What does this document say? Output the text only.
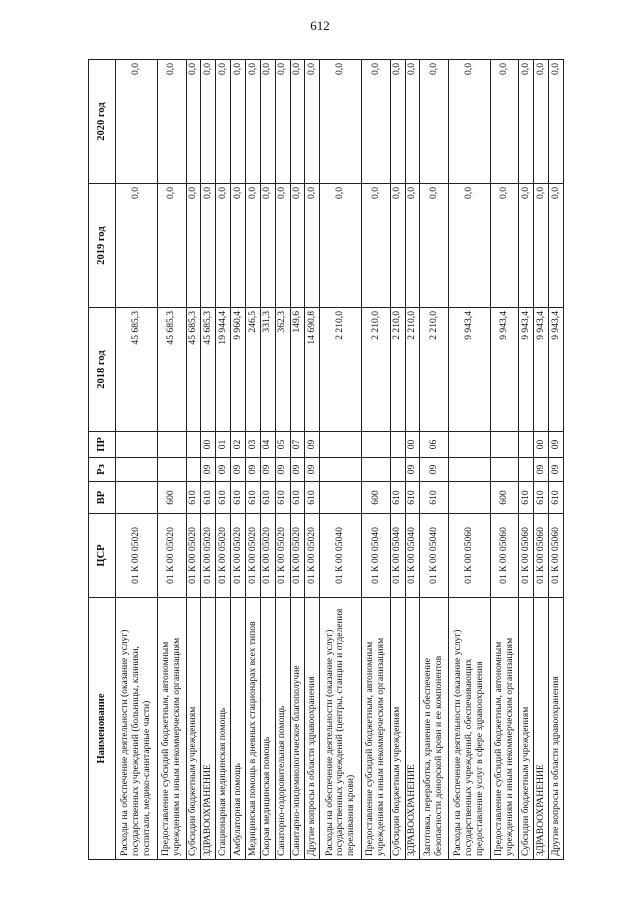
612
Наименование	ЦСР	ВР	Рз	ПР	2018 год	2019 год	2020 год
Расходы на обеспечение деятельности (оказание услуг) государственных учреждений (больницы, клиники, госпитали, медико-санитарные части)	01 К 00 05020				45 685,3	0,0	0,0
Предоставление субсидий бюджетным, автономным учреждениям и иным некоммерческим организациям	01 К 00 05020	600			45 685,3	0,0	0,0
Субсидии бюджетным учреждениям	01 К 00 05020	610			45 685,3	0,0	0,0
ЗДРАВООХРАНЕНИЕ	01 К 00 05020	610	09	00	45 685,3	0,0	0,0
Стационарная медицинская помощь	01 К 00 05020	610	09	01	19 944,4	0,0	0,0
Амбулаторная помощь	01 К 00 05020	610	09	02	9 960,4	0,0	0,0
Медицинская помощь в дневных стационарах всех типов	01 К 00 05020	610	09	03	246,5	0,0	0,0
Скорая медицинская помощь	01 К 00 05020	610	09	04	331,3	0,0	0,0
Санаторно-оздоровительная помощь	01 К 00 05020	610	09	05	362,3	0,0	0,0
Санитарно-эпидемиологическое благополучие	01 К 00 05020	610	09	07	149,6	0,0	0,0
Другие вопросы в области здравоохранения	01 К 00 05020	610	09	09	14 690,8	0,0	0,0
Расходы на обеспечение деятельности (оказание услуг) государственных учреждений (центры, станции и отделения переливания крови)	01 К 00 05040				2 210,0	0,0	0,0
Предоставление субсидий бюджетным, автономным учреждениям и иным некоммерческим организациям	01 К 00 05040	600			2 210,0	0,0	0,0
Субсидии бюджетным учреждениям	01 К 00 05040	610			2 210,0	0,0	0,0
ЗДРАВООХРАНЕНИЕ	01 К 00 05040	610	09	00	2 210,0	0,0	0,0
Заготовка, переработка, хранение и обеспечение безопасности донорской крови и ее компонентов	01 К 00 05040	610	09	06	2 210,0	0,0	0,0
Расходы на обеспечение деятельности (оказание услуг) государственных учреждений, обеспечивающих предоставление услуг в сфере здравоохранения	01 К 00 05060				9 943,4	0,0	0,0
Предоставление субсидий бюджетным, автономным учреждениям и иным некоммерческим организациям	01 К 00 05060	600			9 943,4	0,0	0,0
Субсидии бюджетным учреждениям	01 К 00 05060	610			9 943,4	0,0	0,0
ЗДРАВООХРАНЕНИЕ	01 К 00 05060	610	09	00	9 943,4	0,0	0,0
Другие вопросы в области здравоохранения	01 К 00 05060	610	09	09	9 943,4	0,0	0,0
